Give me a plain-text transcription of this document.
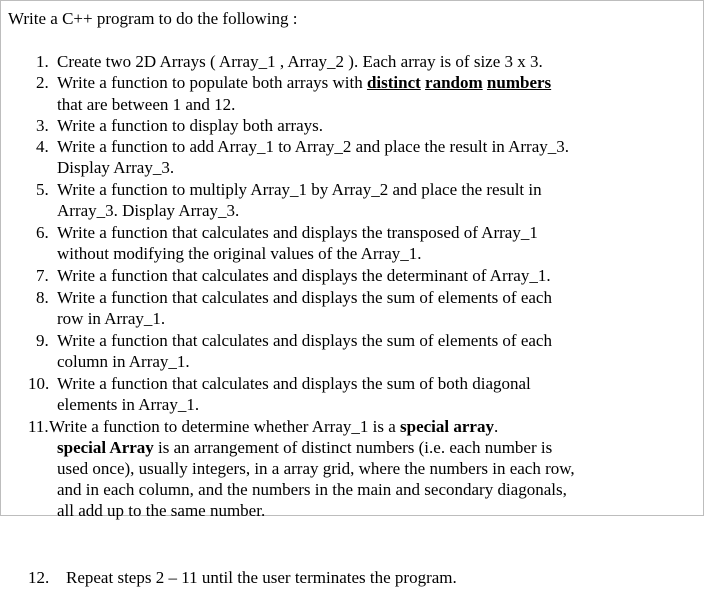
Write a C++ program to do the following :
1. Create two 2D Arrays ( Array_1 , Array_2 ). Each array is of size 3 x 3.
2. Write a function to populate both arrays with distinct random numbers
that are between 1 and 12.
3. Write a function to display both arrays.
4. Write a function to add Array_1 to Array_2 and place the result in Array_3.
Display Array_3.
5. Write a function to multiply Array_1 by Array_2 and place the result in
Array_3. Display Array_3.
6. Write a function that calculates and displays the transposed of Array_1
without modifying the original values of the Array_1.
7. Write a function that calculates and displays the determinant of Array_1.
8. Write a function that calculates and displays the sum of elements of each
row in Array_1.
9. Write a function that calculates and displays the sum of elements of each
column in Array_1.
10. Write a function that calculates and displays the sum of both diagonal
elements in Array_1.
11. Write a function to determine whether Array_1 is a special array.
special Array is an arrangement of distinct numbers (i.e. each number is
used once), usually integers, in a array grid, where the numbers in each row,
and in each column, and the numbers in the main and secondary diagonals,
all add up to the same number.
12. Repeat steps 2 – 11 until the user terminates the program.
